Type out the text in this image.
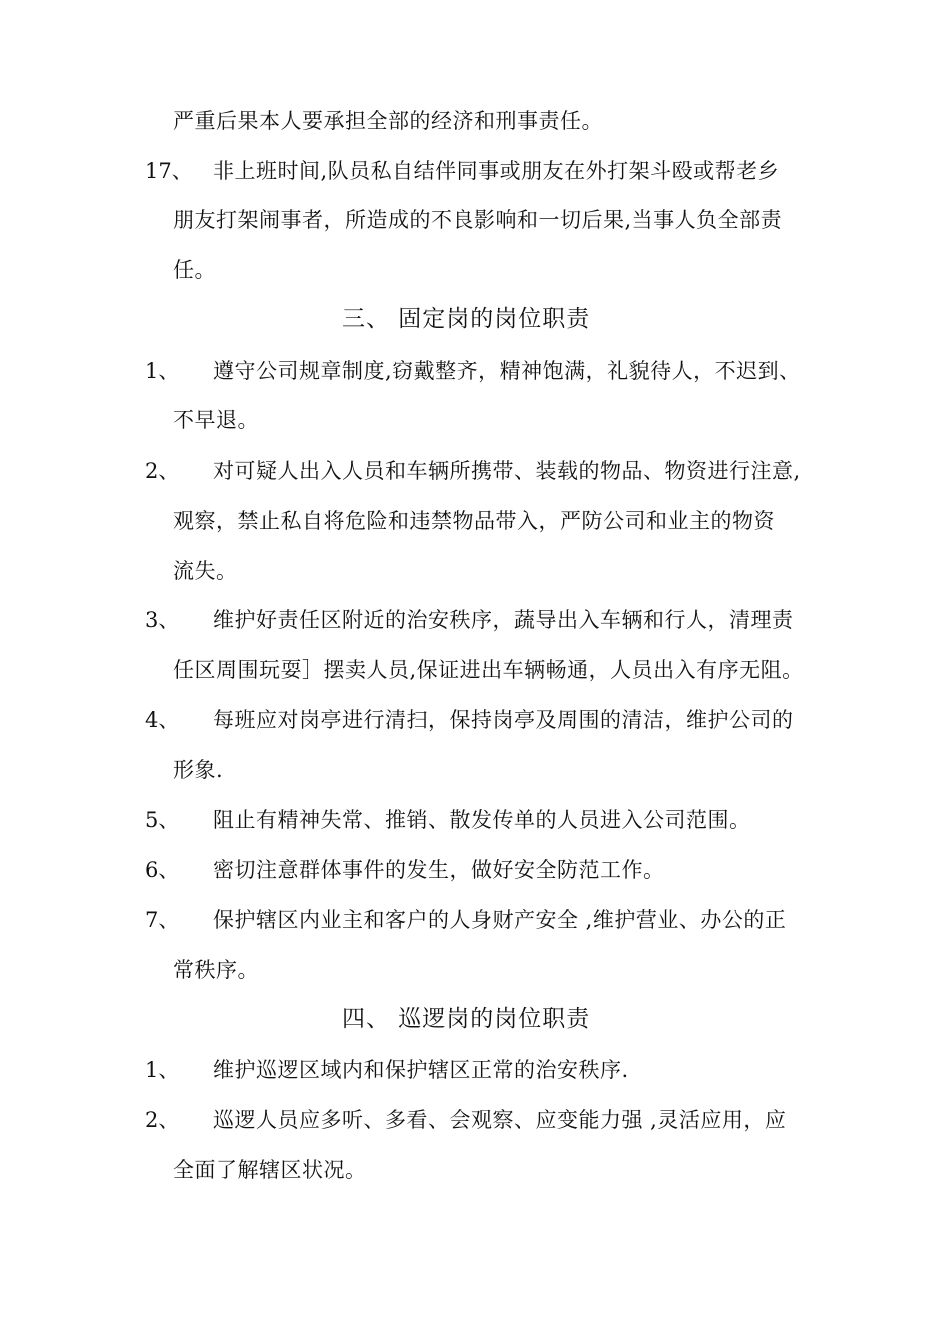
严重后果本人要承担全部的经济和刑事责任。
17、 非上班时间,队员私自结伴同事或朋友在外打架斗殴或帮老乡
朋友打架闹事者，所造成的不良影响和一切后果,当事人负全部责
任。
三、 固定岗的岗位职责
1、 遵守公司规章制度,窃戴整齐，精神饱满，礼貌待人，不迟到、
不早退。
2、 对可疑人出入人员和车辆所携带、装载的物品、物资进行注意,
观察，禁止私自将危险和违禁物品带入，严防公司和业主的物资
流失。
3、 维护好责任区附近的治安秩序，蔬导出入车辆和行人，清理责
任区周围玩耍］摆卖人员,保证进出车辆畅通，人员出入有序无阻。
4、 每班应对岗亭进行清扫，保持岗亭及周围的清洁，维护公司的
形象.
5、 阻止有精神失常、推销、散发传单的人员进入公司范围。
6、 密切注意群体事件的发生，做好安全防范工作。
7、 保护辖区内业主和客户的人身财产安全 ,维护营业、办公的正
常秩序。
四、 巡逻岗的岗位职责
1、 维护巡逻区域内和保护辖区正常的治安秩序.
2、 巡逻人员应多听、多看、会观察、应变能力强 ,灵活应用，应
全面了解辖区状况。
